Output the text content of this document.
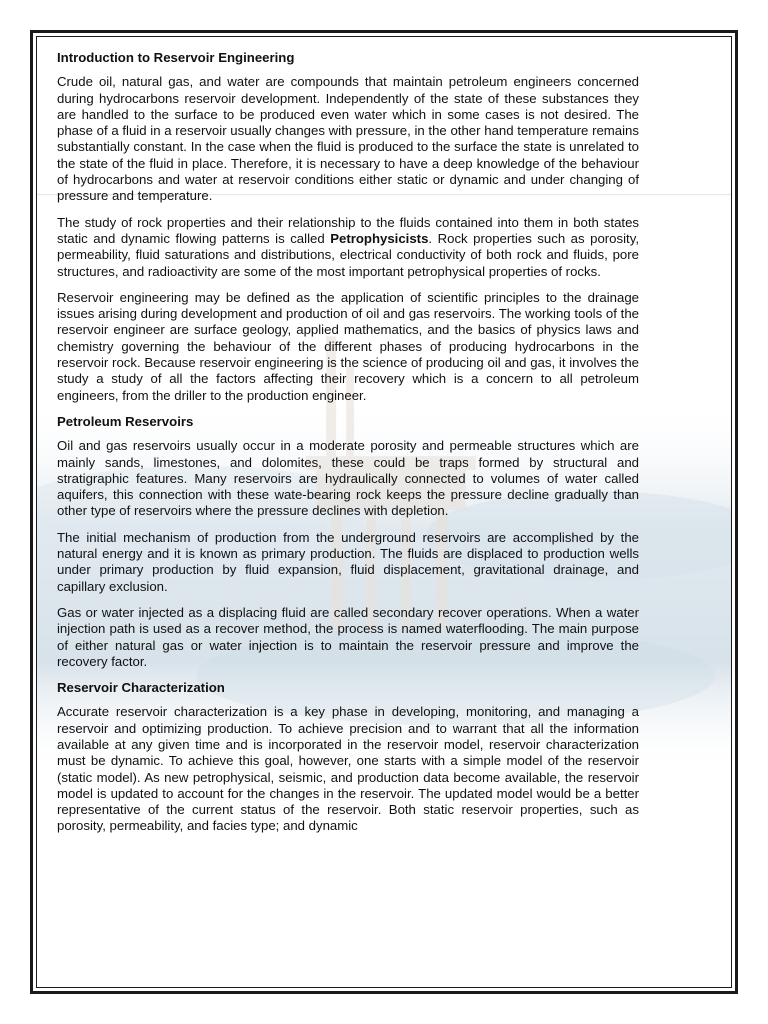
Introduction to Reservoir Engineering

Crude oil, natural gas, and water are compounds that maintain petroleum engineers concerned during hydrocarbons reservoir development. Independently of the state of these substances they are handled to the surface to be produced even water which in some cases is not desired. The phase of a fluid in a reservoir usually changes with pressure, in the other hand temperature remains substantially constant. In the case when the fluid is produced to the surface the state is unrelated to the state of the fluid in place. Therefore, it is necessary to have a deep knowledge of the behaviour of hydrocarbons and water at reservoir conditions either static or dynamic and under changing of pressure and temperature.

The study of rock properties and their relationship to the fluids contained into them in both states static and dynamic flowing patterns is called Petrophysicists. Rock properties such as porosity, permeability, fluid saturations and distributions, electrical conductivity of both rock and fluids, pore structures, and radioactivity are some of the most important petrophysical properties of rocks.

Reservoir engineering may be defined as the application of scientific principles to the drainage issues arising during development and production of oil and gas reservoirs. The working tools of the reservoir engineer are surface geology, applied mathematics, and the basics of physics laws and chemistry governing the behaviour of the different phases of producing hydrocarbons in the reservoir rock. Because reservoir engineering is the science of producing oil and gas, it involves the study a study of all the factors affecting their recovery which is a concern to all petroleum engineers, from the driller to the production engineer.

Petroleum Reservoirs

Oil and gas reservoirs usually occur in a moderate porosity and permeable structures which are mainly sands, limestones, and dolomites, these could be traps formed by structural and stratigraphic features. Many reservoirs are hydraulically connected to volumes of water called aquifers, this connection with these wate-bearing rock keeps the pressure decline gradually than other type of reservoirs where the pressure declines with depletion.

The initial mechanism of production from the underground reservoirs are accomplished by the natural energy and it is known as primary production. The fluids are displaced to production wells under primary production by fluid expansion, fluid displacement, gravitational drainage, and capillary exclusion.

Gas or water injected as a displacing fluid are called secondary recover operations. When a water injection path is used as a recover method, the process is named waterflooding. The main purpose of either natural gas or water injection is to maintain the reservoir pressure and improve the recovery factor.

Reservoir Characterization

Accurate reservoir characterization is a key phase in developing, monitoring, and managing a reservoir and optimizing production. To achieve precision and to warrant that all the information available at any given time and is incorporated in the reservoir model, reservoir characterization must be dynamic. To achieve this goal, however, one starts with a simple model of the reservoir (static model). As new petrophysical, seismic, and production data become available, the reservoir model is updated to account for the changes in the reservoir. The updated model would be a better representative of the current status of the reservoir. Both static reservoir properties, such as porosity, permeability, and facies type; and dynamic
